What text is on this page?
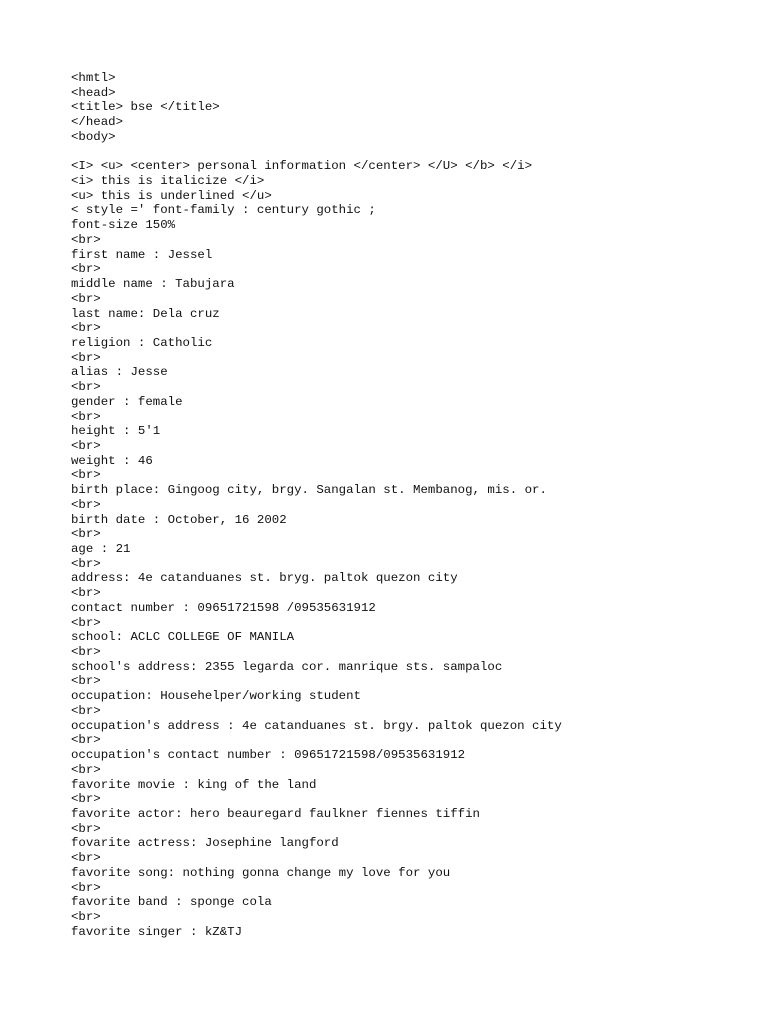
<hmtl>
<head>
<title> bse </title>
</head>
<body>
<I> <u> <center> personal information </center> </U> </b> </i>
<i> this is italicize </i>
<u> this is underlined </u>
< style =' font-family : century gothic ;
font-size 150%
<br>
first name : Jessel
<br>
middle name : Tabujara
<br>
last name: Dela cruz
<br>
religion : Catholic
<br>
alias : Jesse
<br>
gender : female
<br>
height : 5'1
<br>
weight : 46
<br>
birth place: Gingoog city, brgy. Sangalan st. Membanog, mis. or.
<br>
birth date : October, 16 2002
<br>
age : 21
<br>
address: 4e catanduanes st. bryg. paltok quezon city
<br>
contact number : 09651721598 /09535631912
<br>
school: ACLC COLLEGE OF MANILA
<br>
school's address: 2355 legarda cor. manrique sts. sampaloc
<br>
occupation: Househelper/working student
<br>
occupation's address : 4e catanduanes st. brgy. paltok quezon city
<br>
occupation's contact number : 09651721598/09535631912
<br>
favorite movie : king of the land
<br>
favorite actor: hero beauregard faulkner fiennes tiffin
<br>
fovarite actress: Josephine langford
<br>
favorite song: nothing gonna change my love for you
<br>
favorite band : sponge cola
<br>
favorite singer : kZ&TJ
